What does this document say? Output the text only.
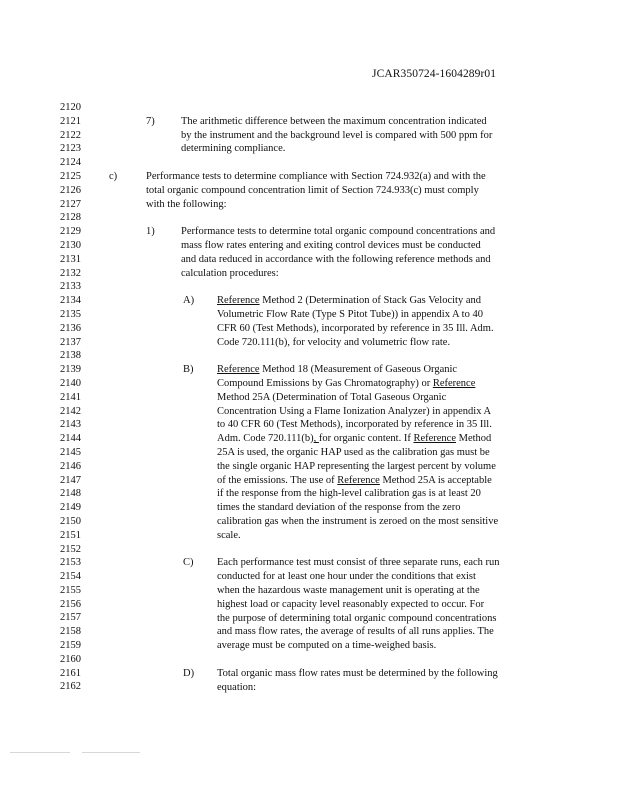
JCAR350724-1604289r01
2120
2121
2122
2123
2124
2125
2126
2127
2128
2129
2130
2131
2132
2133
2134
2135
2136
2137
2138
2139
2140
2141
2142
2143
2144
2145
2146
2147
2148
2149
2150
2151
2152
2153
2154
2155
2156
2157
2158
2159
2160
2161
2162
7)	The arithmetic difference between the maximum concentration indicated
by the instrument and the background level is compared with 500 ppm for
determining compliance.
c)	Performance tests to determine compliance with Section 724.932(a) and with the
total organic compound concentration limit of Section 724.933(c) must comply
with the following:
1)	Performance tests to determine total organic compound concentrations and
mass flow rates entering and exiting control devices must be conducted
and data reduced in accordance with the following reference methods and
calculation procedures:
A) Reference Method 2 (Determination of Stack Gas Velocity and
Volumetric Flow Rate (Type S Pitot Tube)) in appendix A to 40
CFR 60 (Test Methods), incorporated by reference in 35 Ill. Adm.
Code 720.111(b), for velocity and volumetric flow rate.
B) Reference Method 18 (Measurement of Gaseous Organic
Compound Emissions by Gas Chromatography) or Reference
Method 25A (Determination of Total Gaseous Organic
Concentration Using a Flame Ionization Analyzer) in appendix A
to 40 CFR 60 (Test Methods), incorporated by reference in 35 Ill.
Adm. Code 720.111(b), for organic content. If Reference Method
25A is used, the organic HAP used as the calibration gas must be
the single organic HAP representing the largest percent by volume
of the emissions. The use of Reference Method 25A is acceptable
if the response from the high-level calibration gas is at least 20
times the standard deviation of the response from the zero
calibration gas when the instrument is zeroed on the most sensitive
scale.
C) Each performance test must consist of three separate runs, each run
conducted for at least one hour under the conditions that exist
when the hazardous waste management unit is operating at the
highest load or capacity level reasonably expected to occur. For
the purpose of determining total organic compound concentrations
and mass flow rates, the average of results of all runs applies. The
average must be computed on a time-weighed basis.
D) Total organic mass flow rates must be determined by the following
equation:
